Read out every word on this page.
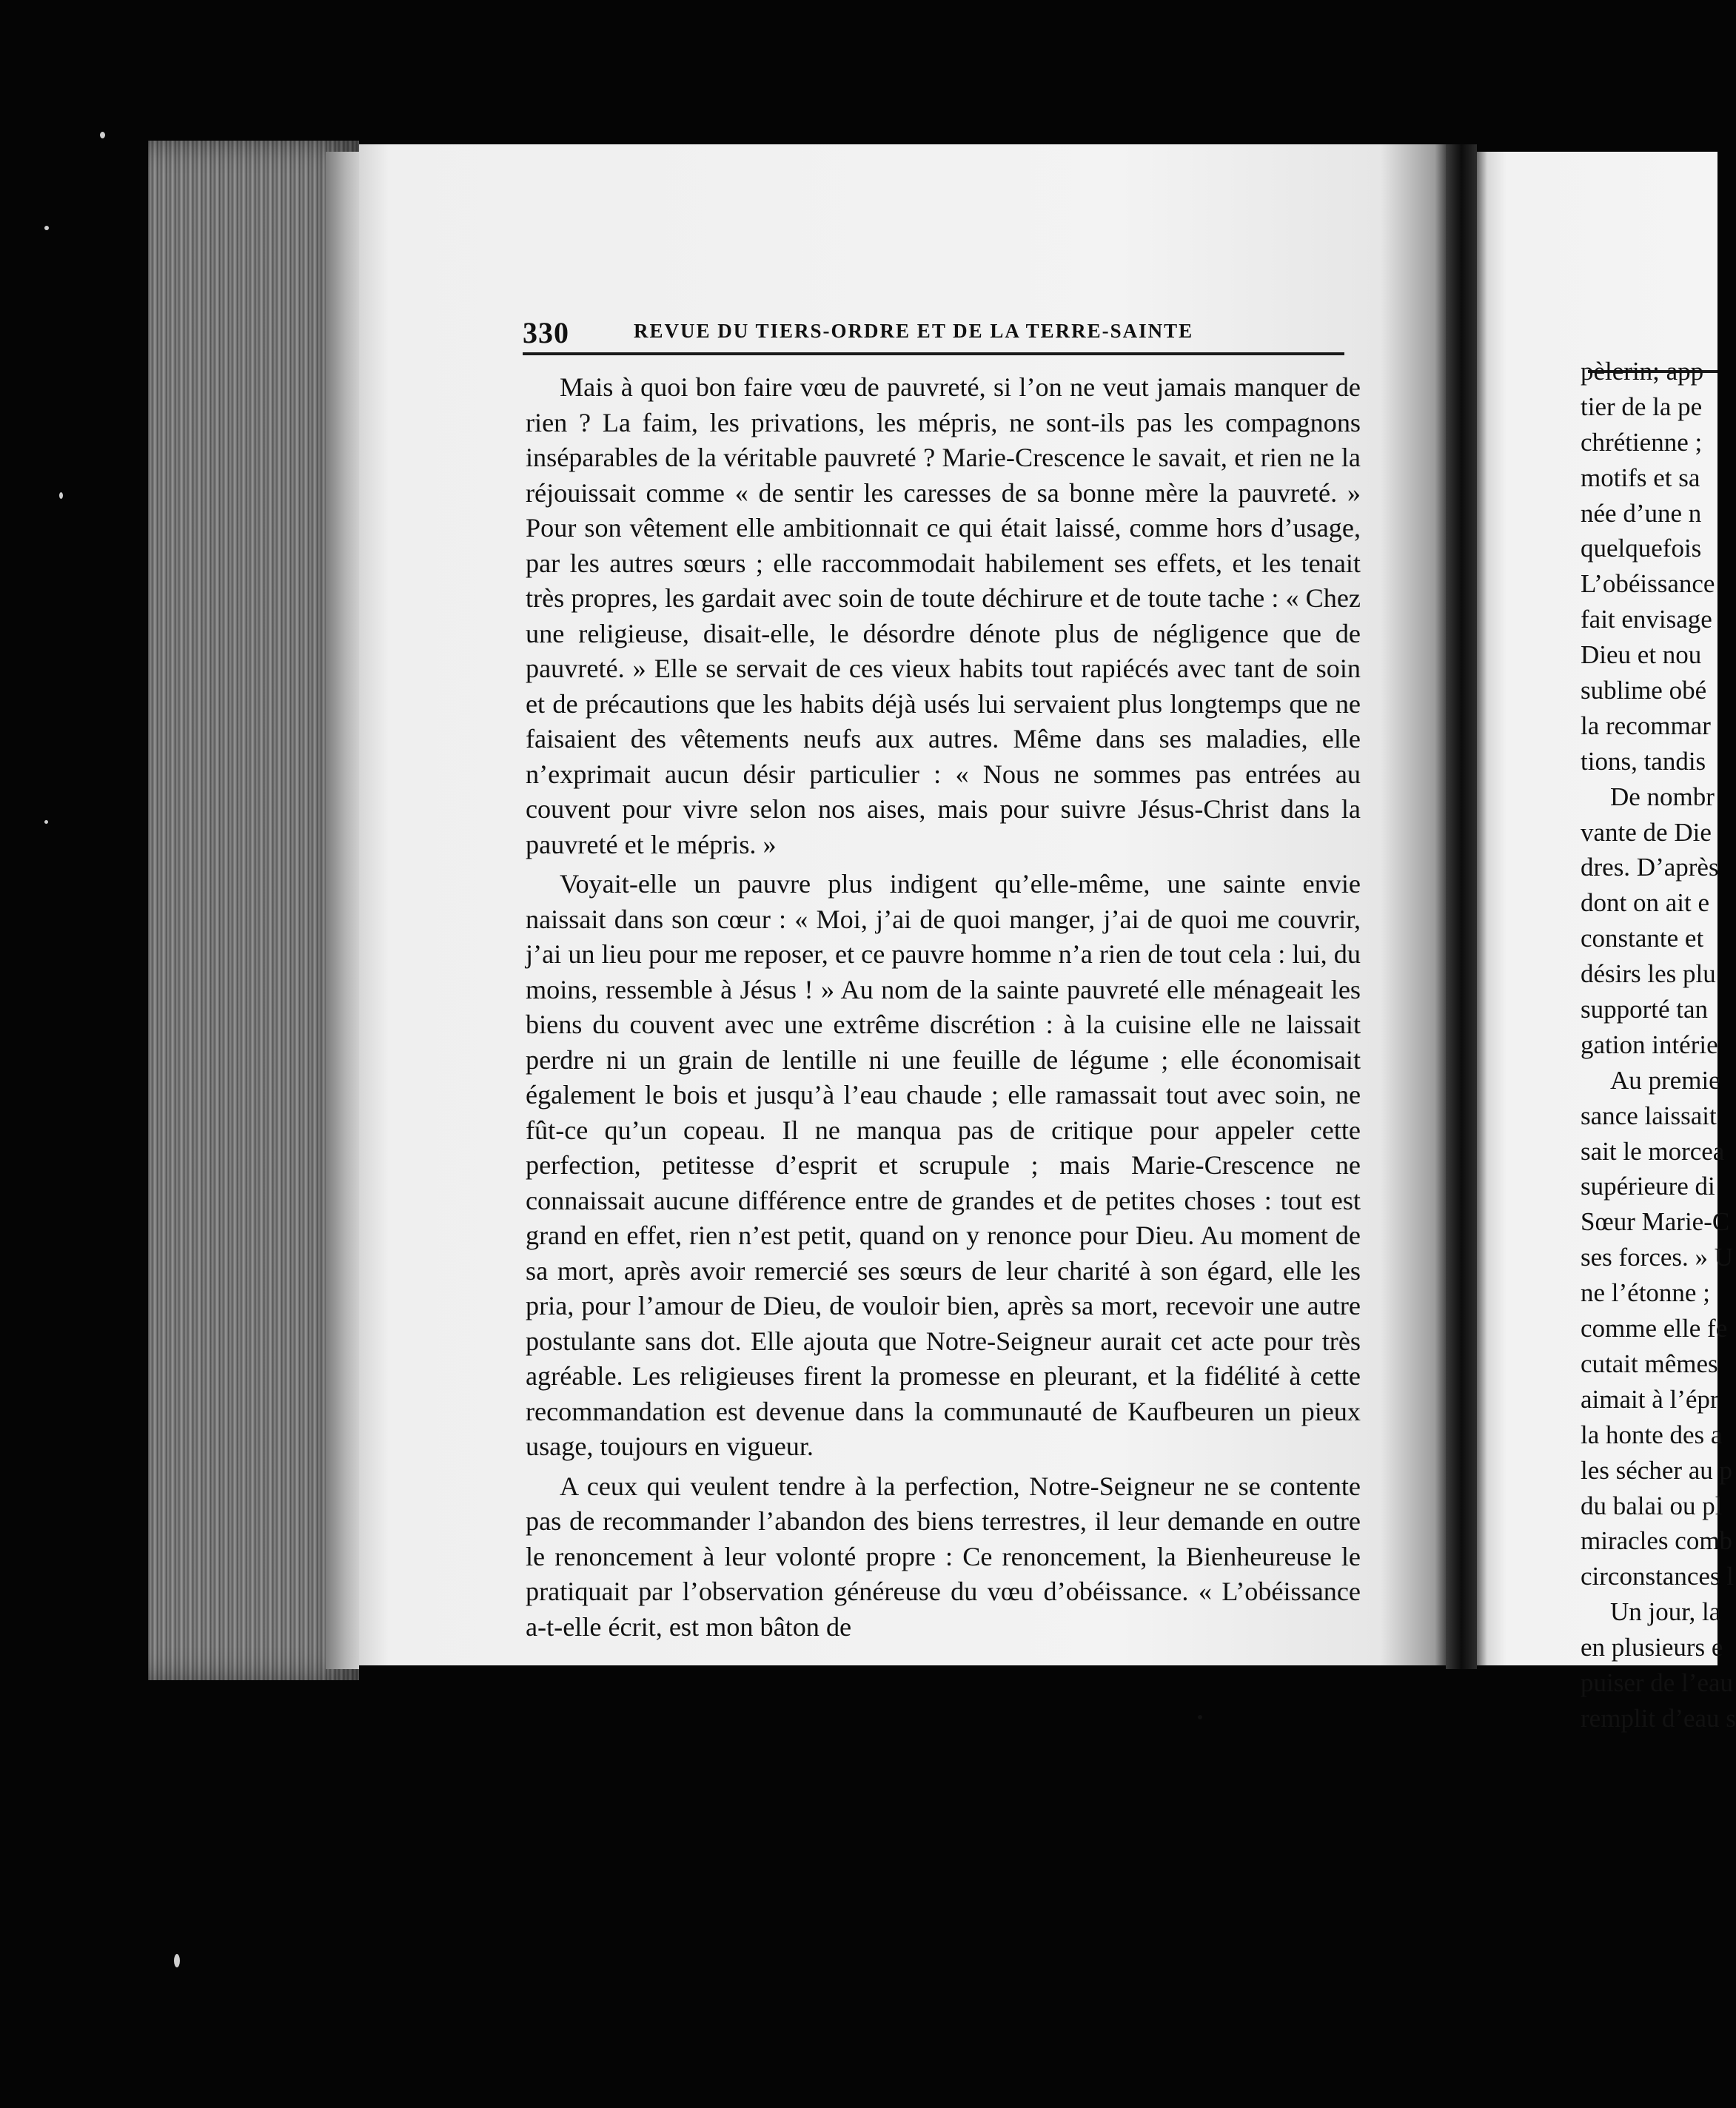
330	REVUE DU TIERS-ORDRE ET DE LA TERRE-SAINTE

Mais à quoi bon faire vœu de pauvreté, si l’on ne veut jamais manquer de rien ? La faim, les privations, les mépris, ne sont-ils pas les compagnons inséparables de la véritable pauvreté ? Marie-Crescence le savait, et rien ne la réjouissait comme « de sentir les caresses de sa bonne mère la pauvreté. » Pour son vêtement elle ambitionnait ce qui était laissé, comme hors d’usage, par les autres sœurs ; elle raccommodait habilement ses effets, et les tenait très propres, les gardait avec soin de toute déchirure et de toute tache : « Chez une religieuse, disait-elle, le désordre dénote plus de négligence que de pauvreté. » Elle se servait de ces vieux habits tout rapiécés avec tant de soin et de précautions que les habits déjà usés lui servaient plus longtemps que ne faisaient des vêtements neufs aux autres. Même dans ses maladies, elle n’exprimait aucun désir particulier : « Nous ne sommes pas entrées au couvent pour vivre selon nos aises, mais pour suivre Jésus-Christ dans la pauvreté et le mépris. »

Voyait-elle un pauvre plus indigent qu’elle-même, une sainte envie naissait dans son cœur : « Moi, j’ai de quoi manger, j’ai de quoi me couvrir, j’ai un lieu pour me reposer, et ce pauvre homme n’a rien de tout cela : lui, du moins, ressemble à Jésus ! » Au nom de la sainte pauvreté elle ménageait les biens du couvent avec une extrême discrétion : à la cuisine elle ne laissait perdre ni un grain de lentille ni une feuille de légume ; elle économisait également le bois et jusqu’à l’eau chaude ; elle ramassait tout avec soin, ne fût-ce qu’un copeau. Il ne manqua pas de critique pour appeler cette perfection, petitesse d’esprit et scrupule ; mais Marie-Crescence ne connaissait aucune différence entre de grandes et de petites choses : tout est grand en effet, rien n’est petit, quand on y renonce pour Dieu. Au moment de sa mort, après avoir remercié ses sœurs de leur charité à son égard, elle les pria, pour l’amour de Dieu, de vouloir bien, après sa mort, recevoir une autre postulante sans dot. Elle ajouta que Notre-Seigneur aurait cet acte pour très agréable. Les religieuses firent la promesse en pleurant, et la fidélité à cette recommandation est devenue dans la communauté de Kaufbeuren un pieux usage, toujours en vigueur.

A ceux qui veulent tendre à la perfection, Notre-Seigneur ne se contente pas de recommander l’abandon des biens terrestres, il leur demande en outre le renoncement à leur volonté propre : Ce renoncement, la Bienheureuse le pratiquait par l’observation généreuse du vœu d’obéissance. « L’obéissance a-t-elle écrit, est mon bâton de

pèlerin; app
tier de la pe
chrétienne ;
motifs et sa
née d’une n
quelquefois
L’obéissance
fait envisage
Dieu et nou
sublime obé
la recommar
tions, tandis
De nombr
vante de Die
dres. D’après
dont on ait e
constante et
désirs les plu
supporté tan
gation intérie
Au premie
sance laissait
sait le morcea
supérieure di
Sœur Marie-C
ses forces. » U
ne l’étonne ;
comme elle fe
cutait mêmes
aimait à l’épr
la honte des a
les sécher au p
du balai ou pl
miracles comb
circonstances l
Un jour, la
en plusieurs e
puiser de l’eau
remplit d’eau s
